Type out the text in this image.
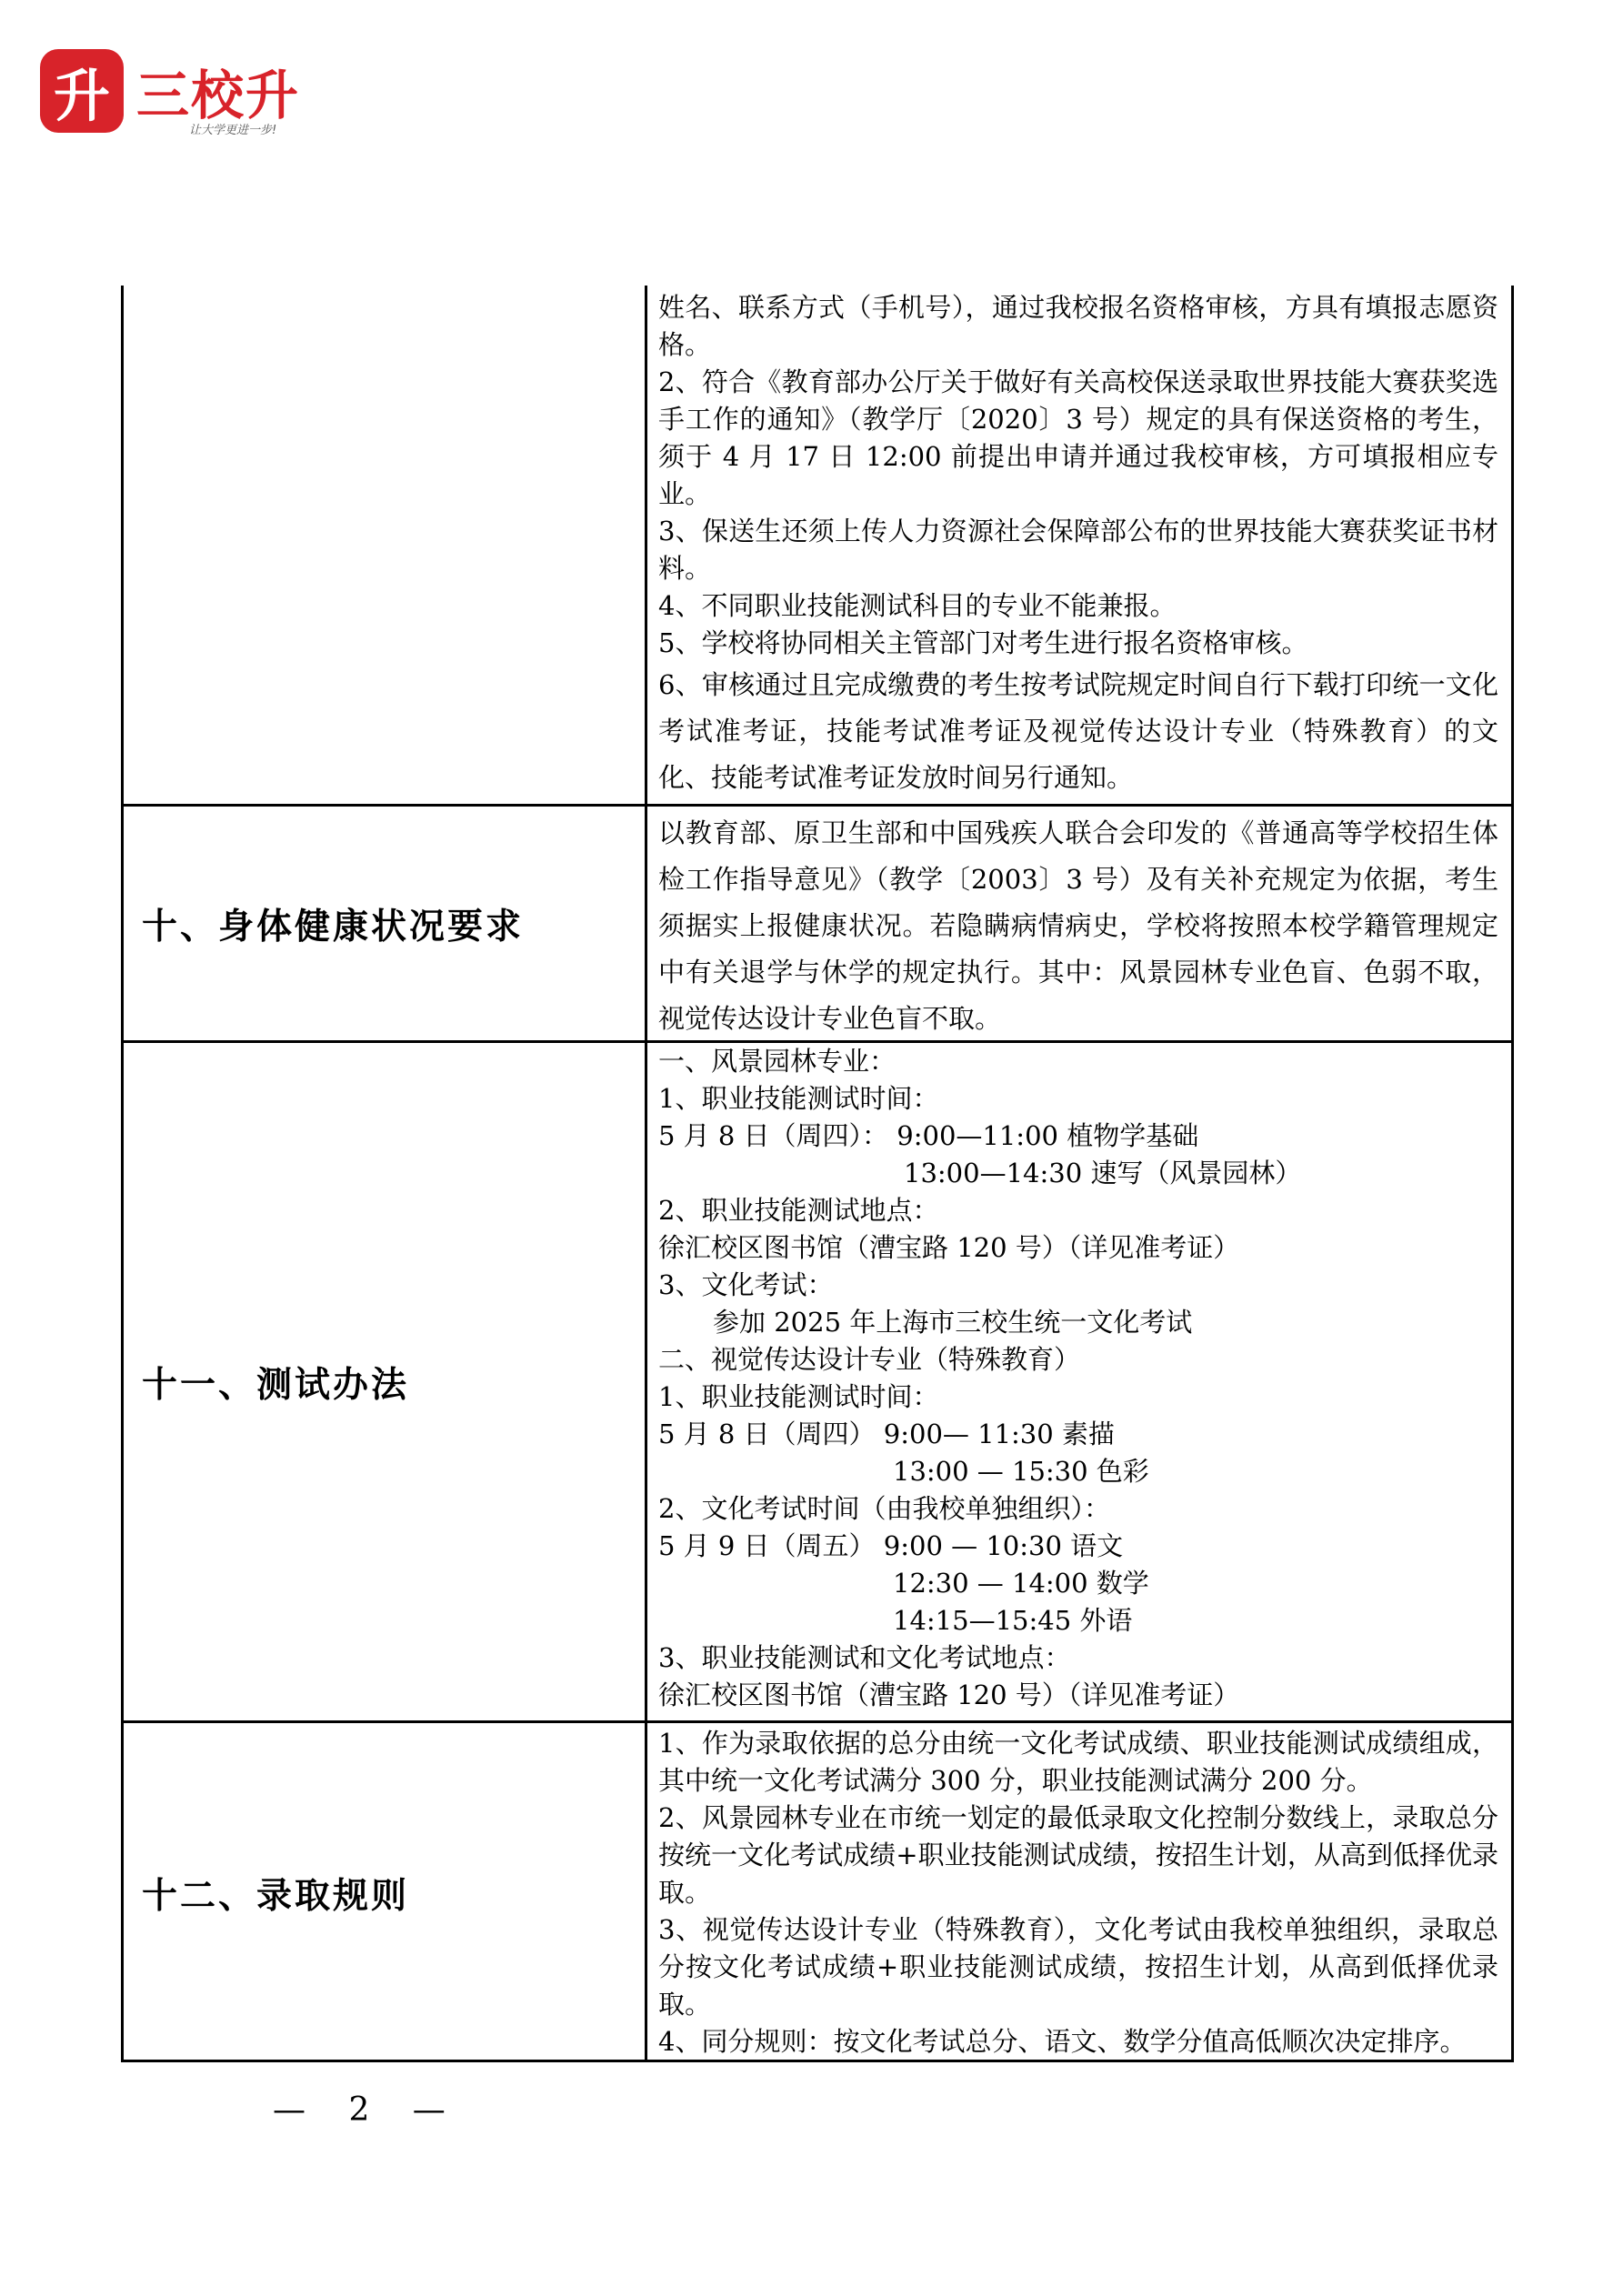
升 三校升
让大学更进一步!

姓名、联系方式（手机号），通过我校报名资格审核，方具有填报志愿资格。

2、符合《教育部办公厅关于做好有关高校保送录取世界技能大赛获奖选手工作的通知》（教学厅〔2020〕3 号）规定的具有保送资格的考生，须于 4 月 17 日 12:00 前提出申请并通过我校审核，方可填报相应专业。

3、保送生还须上传人力资源社会保障部公布的世界技能大赛获奖证书材料。

4、不同职业技能测试科目的专业不能兼报。

5、学校将协同相关主管部门对考生进行报名资格审核。

6、审核通过且完成缴费的考生按考试院规定时间自行下载打印统一文化考试准考证，技能考试准考证及视觉传达设计专业（特殊教育）的文化、技能考试准考证发放时间另行通知。

十、身体健康状况要求

以教育部、原卫生部和中国残疾人联合会印发的《普通高等学校招生体检工作指导意见》（教学〔2003〕3 号）及有关补充规定为依据，考生须据实上报健康状况。若隐瞒病情病史，学校将按照本校学籍管理规定中有关退学与休学的规定执行。其中：风景园林专业色盲、色弱不取，视觉传达设计专业色盲不取。

十一、测试办法

一、风景园林专业：

1、职业技能测试时间：

5 月 8 日（周四）： 9:00—11:00 植物学基础

13:00—14:30 速写（风景园林）

2、职业技能测试地点：

徐汇校区图书馆（漕宝路 120 号）（详见准考证）

3、文化考试：

参加 2025 年上海市三校生统一文化考试

二、视觉传达设计专业（特殊教育）

1、职业技能测试时间：

5 月 8 日（周四） 9:00— 11:30 素描

13:00 — 15:30 色彩

2、文化考试时间（由我校单独组织）：

5 月 9 日（周五） 9:00 — 10:30 语文

12:30 — 14:00 数学

14:15—15:45 外语

3、职业技能测试和文化考试地点：

徐汇校区图书馆（漕宝路 120 号）（详见准考证）

十二、录取规则

1、作为录取依据的总分由统一文化考试成绩、职业技能测试成绩组成，其中统一文化考试满分 300 分，职业技能测试满分 200 分。

2、风景园林专业在市统一划定的最低录取文化控制分数线上，录取总分按统一文化考试成绩+职业技能测试成绩，按招生计划，从高到低择优录取。

3、视觉传达设计专业（特殊教育），文化考试由我校单独组织，录取总分按文化考试成绩+职业技能测试成绩，按招生计划，从高到低择优录取。

4、同分规则：按文化考试总分、语文、数学分值高低顺次决定排序。

— 2 —
